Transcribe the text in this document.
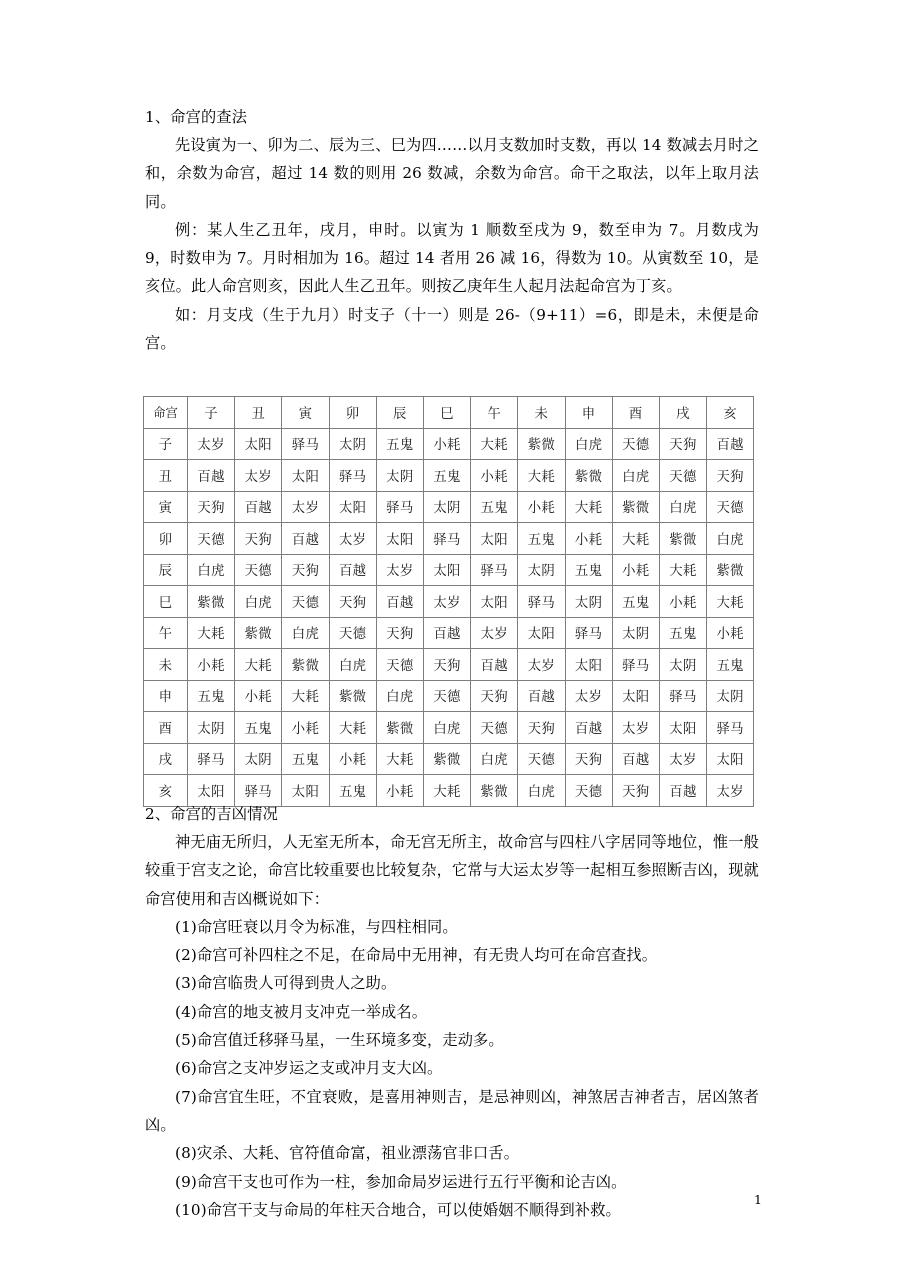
1、命宫的查法

先设寅为一、卯为二、辰为三、巳为四……以月支数加时支数，再以 14 数减去月时之和，余数为命宫，超过 14 数的则用 26 数减，余数为命宫。命干之取法，以年上取月法同。

例：某人生乙丑年，戌月，申时。以寅为 1 顺数至戌为 9，数至申为 7。月数戌为 9，时数申为 7。月时相加为 16。超过 14 者用 26 减 16，得数为 10。从寅数至 10，是亥位。此人命宫则亥，因此人生乙丑年。则按乙庚年生人起月法起命宫为丁亥。

如：月支戌（生于九月）时支子（十一）则是 26-（9+11）=6，即是未，未便是命宫。

命宫	子	丑	寅	卯	辰	巳	午	未	申	酉	戌	亥
子	太岁	太阳	驿马	太阴	五鬼	小耗	大耗	紫微	白虎	天德	天狗	百越
丑	百越	太岁	太阳	驿马	太阴	五鬼	小耗	大耗	紫微	白虎	天德	天狗
寅	天狗	百越	太岁	太阳	驿马	太阴	五鬼	小耗	大耗	紫微	白虎	天德
卯	天德	天狗	百越	太岁	太阳	驿马	太阳	五鬼	小耗	大耗	紫微	白虎
辰	白虎	天德	天狗	百越	太岁	太阳	驿马	太阴	五鬼	小耗	大耗	紫微
巳	紫微	白虎	天德	天狗	百越	太岁	太阳	驿马	太阴	五鬼	小耗	大耗
午	大耗	紫微	白虎	天德	天狗	百越	太岁	太阳	驿马	太阴	五鬼	小耗
未	小耗	大耗	紫微	白虎	天德	天狗	百越	太岁	太阳	驿马	太阴	五鬼
申	五鬼	小耗	大耗	紫微	白虎	天德	天狗	百越	太岁	太阳	驿马	太阴
酉	太阴	五鬼	小耗	大耗	紫微	白虎	天德	天狗	百越	太岁	太阳	驿马
戌	驿马	太阴	五鬼	小耗	大耗	紫微	白虎	天德	天狗	百越	太岁	太阳
亥	太阳	驿马	太阳	五鬼	小耗	大耗	紫微	白虎	天德	天狗	百越	太岁

2、命宫的吉凶情况

神无庙无所归，人无室无所本，命无宫无所主，故命宫与四柱八字居同等地位，惟一般较重于宫支之论，命宫比较重要也比较复杂，它常与大运太岁等一起相互参照断吉凶，现就命宫使用和吉凶概说如下：

(1)命宫旺衰以月令为标准，与四柱相同。

(2)命宫可补四柱之不足，在命局中无用神，有无贵人均可在命宫查找。

(3)命宫临贵人可得到贵人之助。

(4)命宫的地支被月支冲克一举成名。

(5)命宫值迁移驿马星，一生环境多变，走动多。

(6)命宫之支冲岁运之支或冲月支大凶。

(7)命宫宜生旺，不宜衰败，是喜用神则吉，是忌神则凶，神煞居吉神者吉，居凶煞者凶。

(8)灾杀、大耗、官符值命富，祖业漂荡官非口舌。

(9)命宫干支也可作为一柱，参加命局岁运进行五行平衡和论吉凶。

(10)命宫干支与命局的年柱天合地合，可以使婚姻不顺得到补救。

1
